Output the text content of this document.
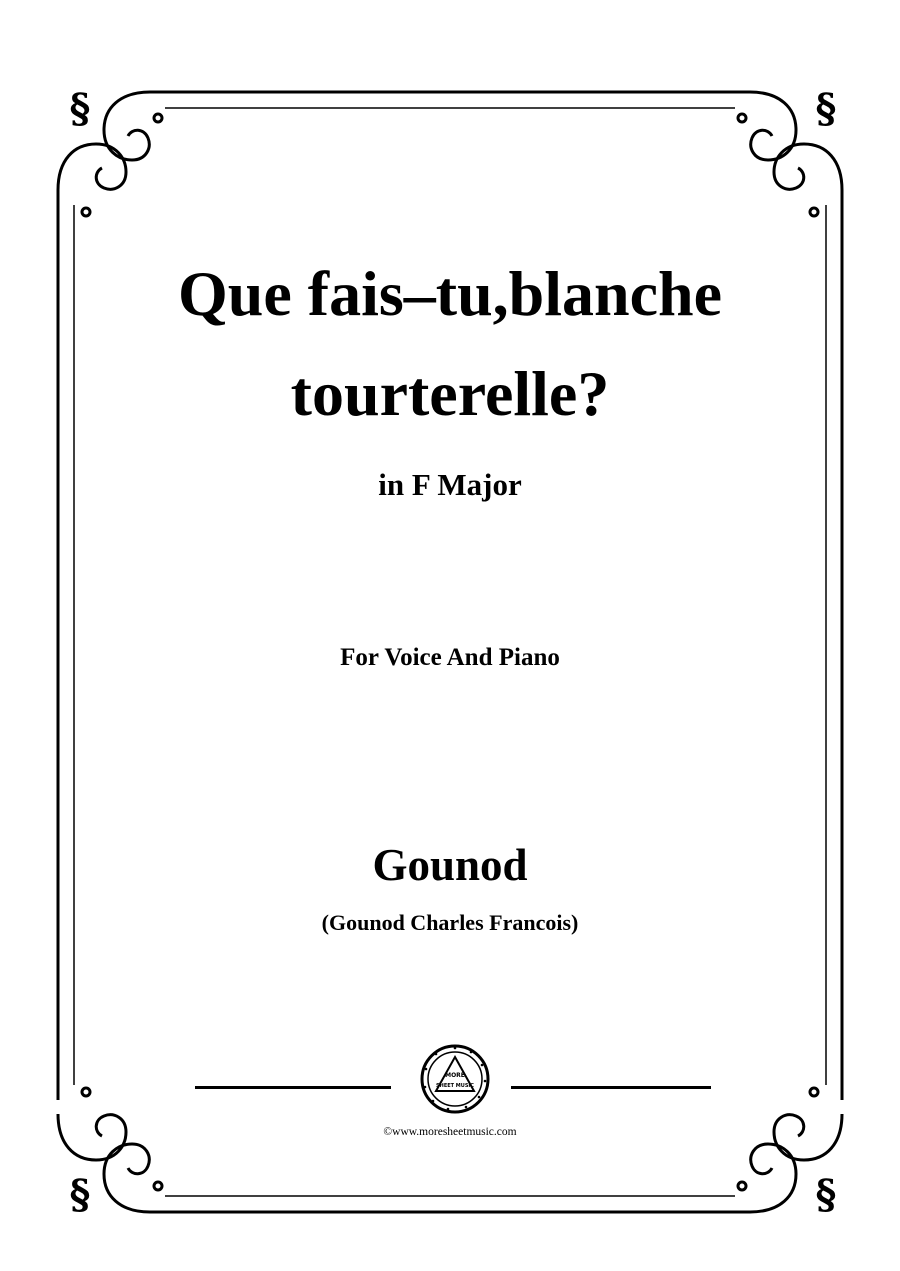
§	§
§	§
Que fais–tu,blanche
tourterelle?

in F Major

For Voice And Piano

Gounod

(Gounod Charles Francois)

MORE
SHEET MUSIC

©www.moresheetmusic.com
